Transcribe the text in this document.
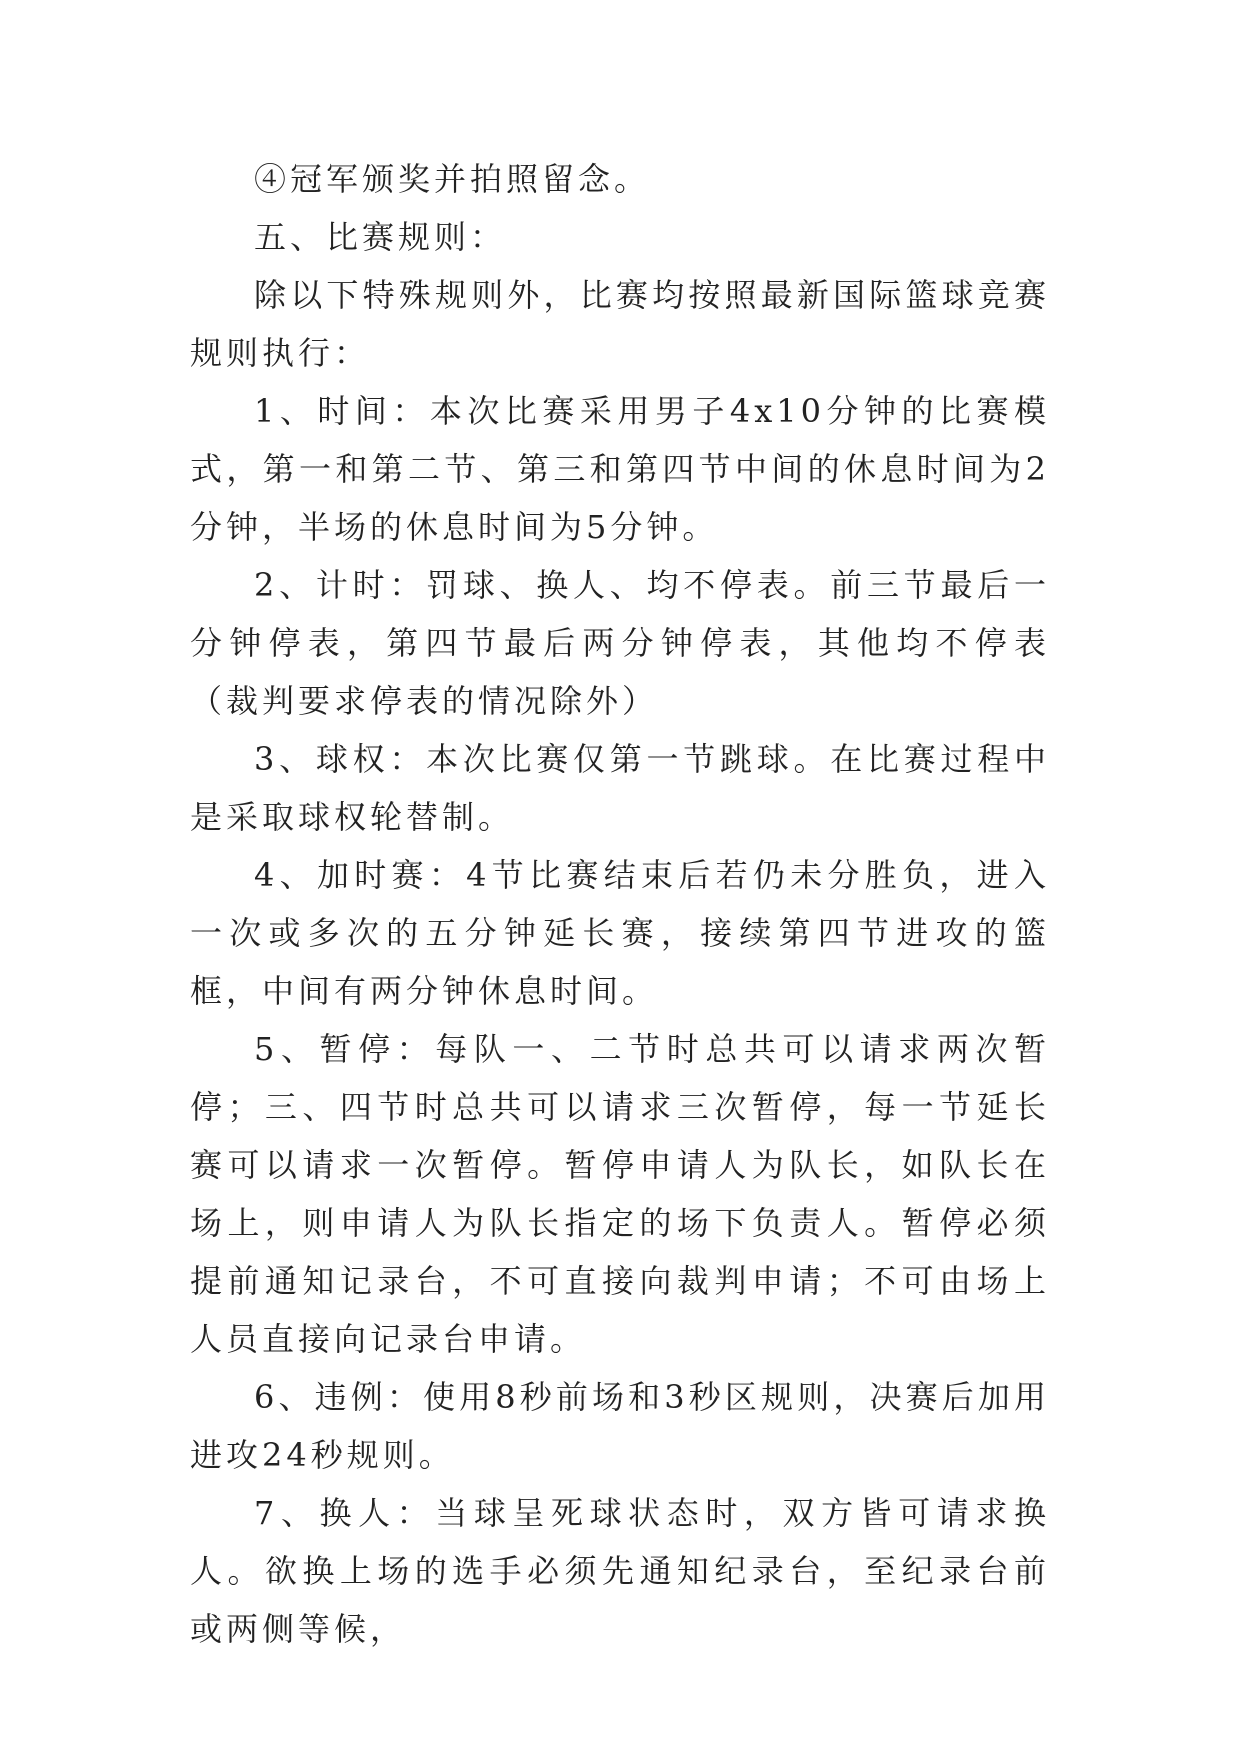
④冠军颁奖并拍照留念。

五、比赛规则：

除以下特殊规则外，比赛均按照最新国际篮球竞赛规则执行：

1、时间：本次比赛采用男子4x10分钟的比赛模式，第一和第二节、第三和第四节中间的休息时间为2分钟，半场的休息时间为5分钟。

2、计时：罚球、换人、均不停表。前三节最后一分钟停表，第四节最后两分钟停表，其他均不停表（裁判要求停表的情况除外）

3、球权：本次比赛仅第一节跳球。在比赛过程中是采取球权轮替制。

4、加时赛：4节比赛结束后若仍未分胜负，进入一次或多次的五分钟延长赛，接续第四节进攻的篮框，中间有两分钟休息时间。

5、暂停：每队一、二节时总共可以请求两次暂停；三、四节时总共可以请求三次暂停，每一节延长赛可以请求一次暂停。暂停申请人为队长，如队长在场上，则申请人为队长指定的场下负责人。暂停必须提前通知记录台，不可直接向裁判申请；不可由场上人员直接向记录台申请。

6、违例：使用8秒前场和3秒区规则，决赛后加用进攻24秒规则。

7、换人：当球呈死球状态时，双方皆可请求换人。欲换上场的选手必须先通知纪录台，至纪录台前或两侧等候，
